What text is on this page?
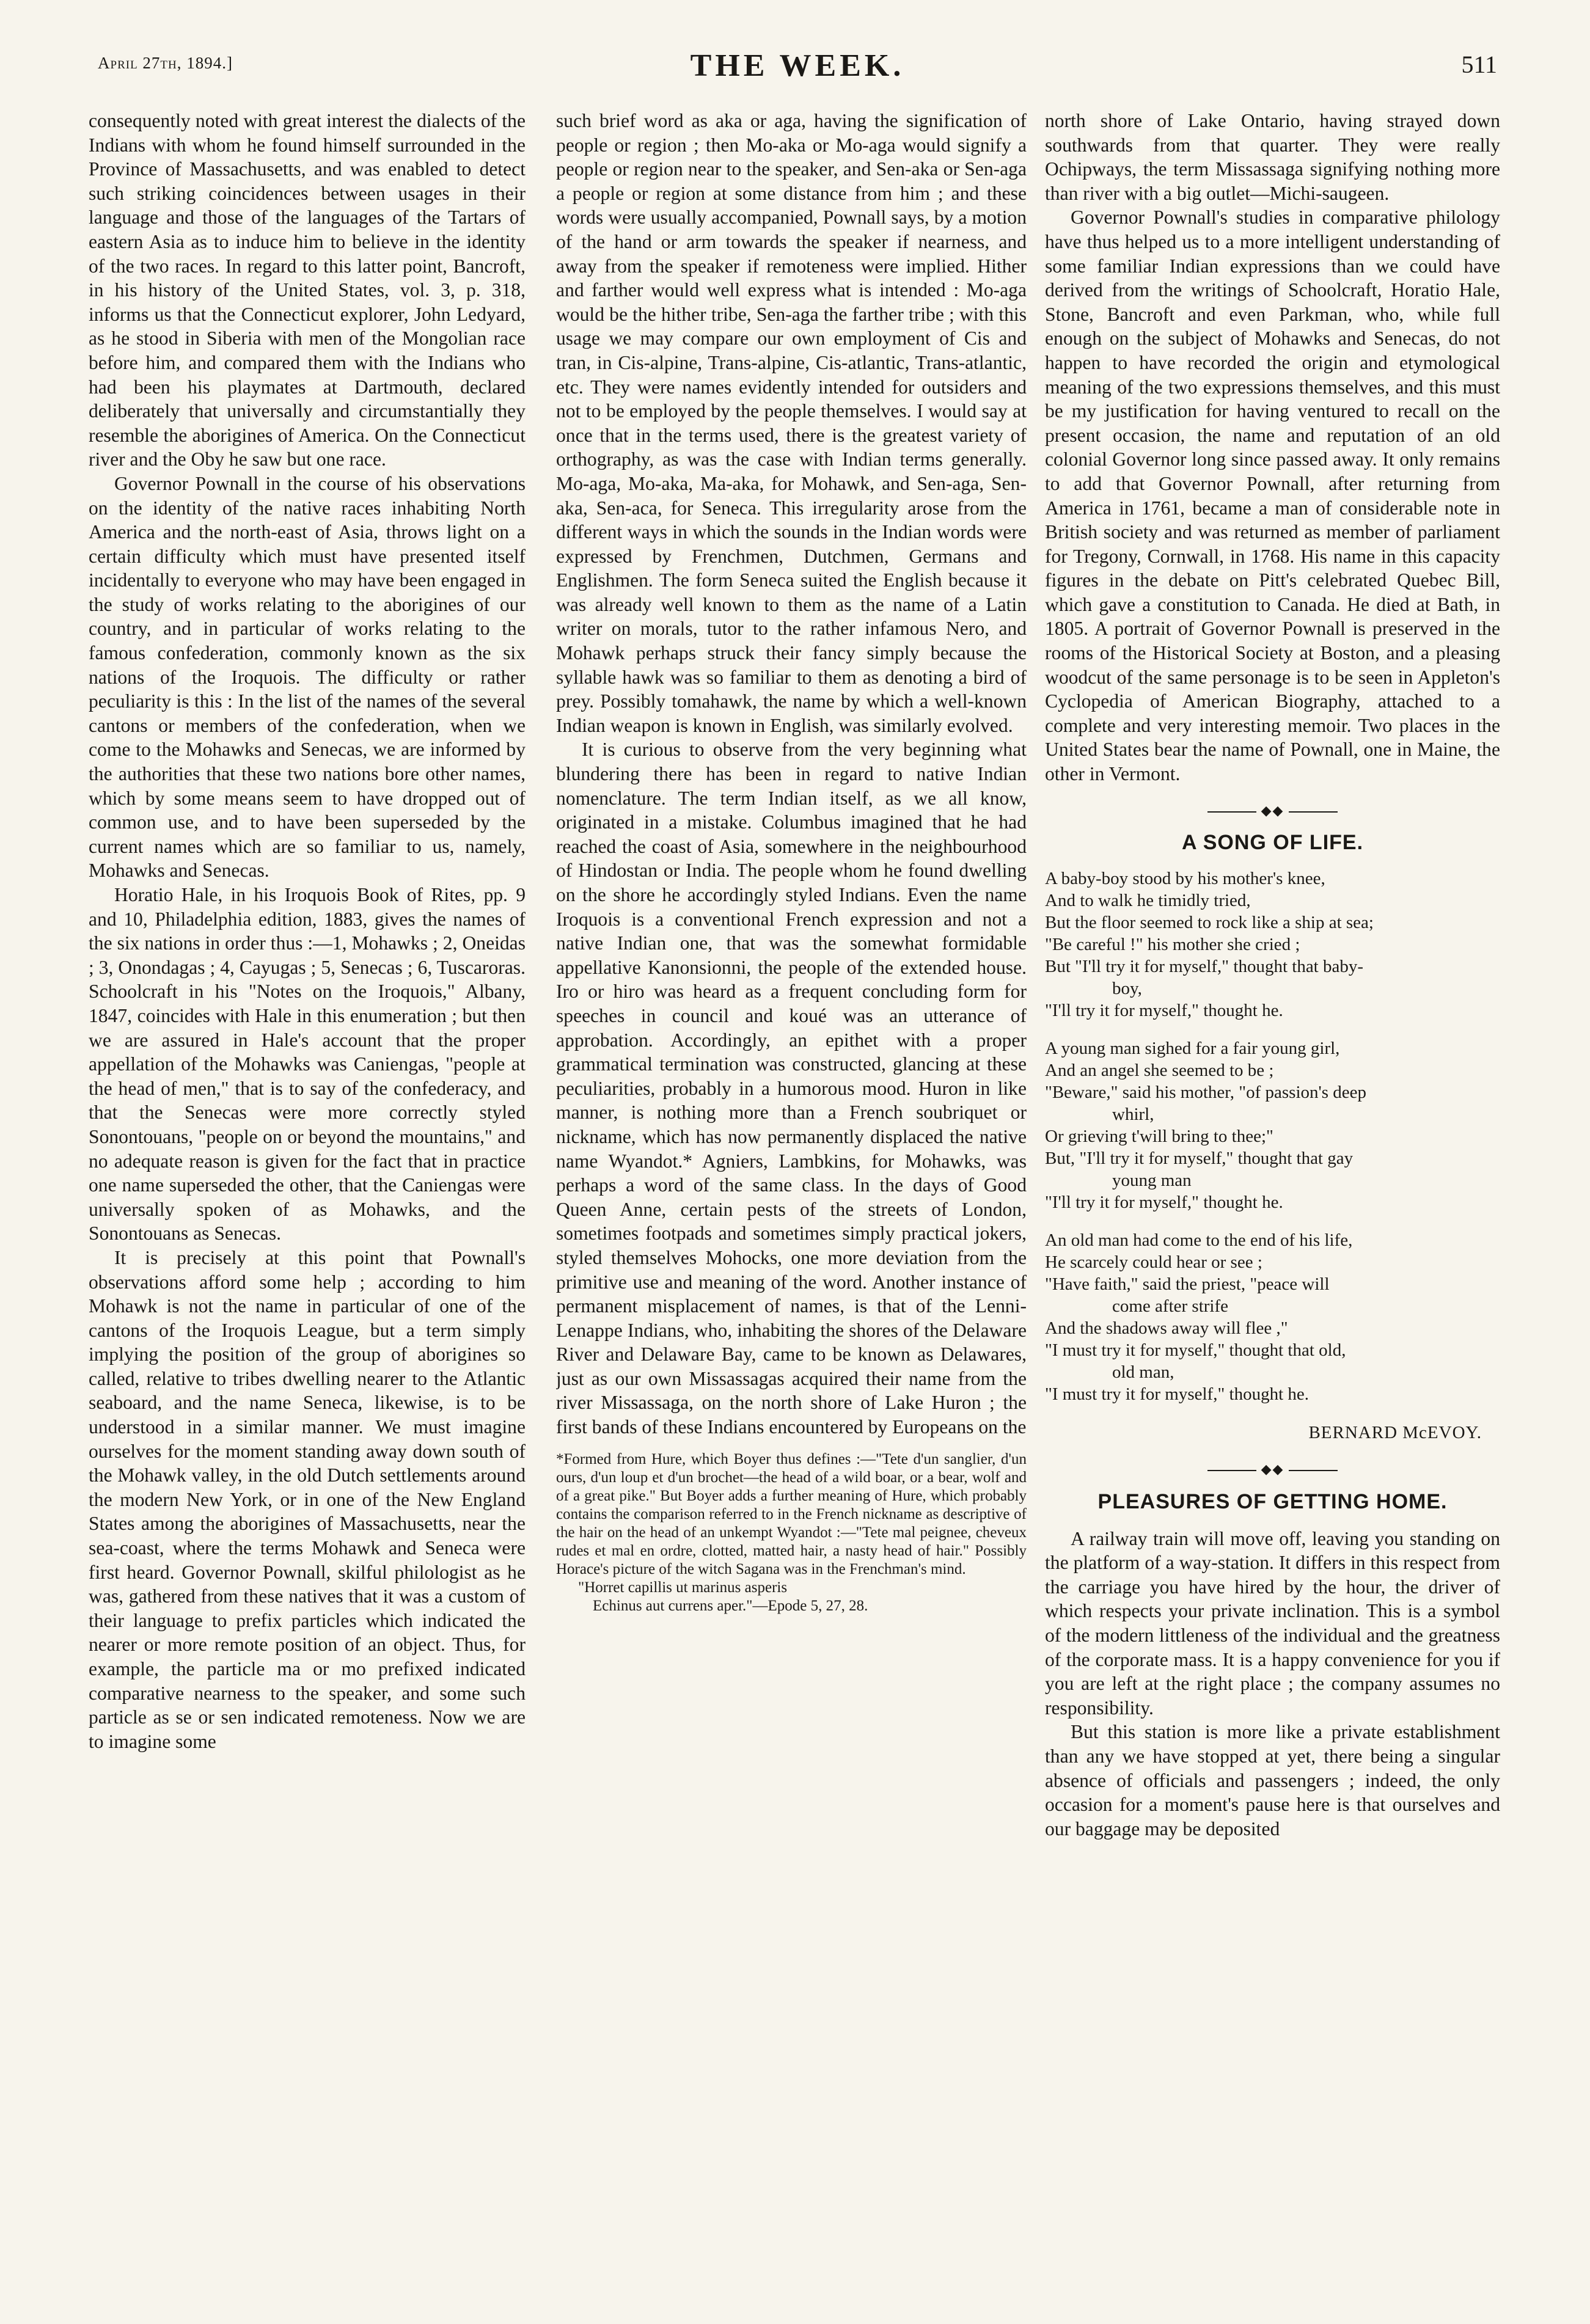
April 27th, 1894.]	THE WEEK.	511

consequently noted with great interest the dialects of the Indians with whom he found himself surrounded in the Province of Massachusetts, and was enabled to detect such striking coincidences between usages in their language and those of the languages of the Tartars of eastern Asia as to induce him to believe in the identity of the two races. In regard to this latter point, Bancroft, in his history of the United States, vol. 3, p. 318, informs us that the Connecticut explorer, John Ledyard, as he stood in Siberia with men of the Mongolian race before him, and compared them with the Indians who had been his playmates at Dartmouth, declared deliberately that universally and circumstantially they resemble the aborigines of America. On the Connecticut river and the Oby he saw but one race.

Governor Pownall in the course of his observations on the identity of the native races inhabiting North America and the north-east of Asia, throws light on a certain difficulty which must have presented itself incidentally to everyone who may have been engaged in the study of works relating to the aborigines of our country, and in particular of works relating to the famous confederation, commonly known as the six nations of the Iroquois. The difficulty or rather peculiarity is this : In the list of the names of the several cantons or members of the confederation, when we come to the Mohawks and Senecas, we are informed by the authorities that these two nations bore other names, which by some means seem to have dropped out of common use, and to have been superseded by the current names which are so familiar to us, namely, Mohawks and Senecas.

Horatio Hale, in his Iroquois Book of Rites, pp. 9 and 10, Philadelphia edition, 1883, gives the names of the six nations in order thus :—1, Mohawks ; 2, Oneidas ; 3, Onondagas ; 4, Cayugas ; 5, Senecas ; 6, Tuscaroras. Schoolcraft in his "Notes on the Iroquois," Albany, 1847, coincides with Hale in this enumeration ; but then we are assured in Hale's account that the proper appellation of the Mohawks was Caniengas, "people at the head of men," that is to say of the confederacy, and that the Senecas were more correctly styled Sonontouans, "people on or beyond the mountains," and no adequate reason is given for the fact that in practice one name superseded the other, that the Caniengas were universally spoken of as Mohawks, and the Sonontouans as Senecas.

It is precisely at this point that Pownall's observations afford some help ; according to him Mohawk is not the name in particular of one of the cantons of the Iroquois League, but a term simply implying the position of the group of aborigines so called, relative to tribes dwelling nearer to the Atlantic seaboard, and the name Seneca, likewise, is to be understood in a similar manner. We must imagine ourselves for the moment standing away down south of the Mohawk valley, in the old Dutch settlements around the modern New York, or in one of the New England States among the aborigines of Massachusetts, near the sea-coast, where the terms Mohawk and Seneca were first heard. Governor Pownall, skilful philologist as he was, gathered from these natives that it was a custom of their language to prefix particles which indicated the nearer or more remote position of an object. Thus, for example, the particle ma or mo prefixed indicated comparative nearness to the speaker, and some such particle as se or sen indicated remoteness. Now we are to imagine some

such brief word as aka or aga, having the signification of people or region ; then Mo-aka or Mo-aga would signify a people or region near to the speaker, and Sen-aka or Sen-aga a people or region at some distance from him ; and these words were usually accompanied, Pownall says, by a motion of the hand or arm towards the speaker if nearness, and away from the speaker if remoteness were implied. Hither and farther would well express what is intended : Mo-aga would be the hither tribe, Sen-aga the farther tribe ; with this usage we may compare our own employment of Cis and tran, in Cis-alpine, Trans-alpine, Cis-atlantic, Trans-atlantic, etc. They were names evidently intended for outsiders and not to be employed by the people themselves. I would say at once that in the terms used, there is the greatest variety of orthography, as was the case with Indian terms generally. Mo-aga, Mo-aka, Ma-aka, for Mohawk, and Sen-aga, Sen-aka, Sen-aca, for Seneca. This irregularity arose from the different ways in which the sounds in the Indian words were expressed by Frenchmen, Dutchmen, Germans and Englishmen. The form Seneca suited the English because it was already well known to them as the name of a Latin writer on morals, tutor to the rather infamous Nero, and Mohawk perhaps struck their fancy simply because the syllable hawk was so familiar to them as denoting a bird of prey. Possibly tomahawk, the name by which a well-known Indian weapon is known in English, was similarly evolved.

It is curious to observe from the very beginning what blundering there has been in regard to native Indian nomenclature. The term Indian itself, as we all know, originated in a mistake. Columbus imagined that he had reached the coast of Asia, somewhere in the neighbourhood of Hindostan or India. The people whom he found dwelling on the shore he accordingly styled Indians. Even the name Iroquois is a conventional French expression and not a native Indian one, that was the somewhat formidable appellative Kanonsionni, the people of the extended house. Iro or hiro was heard as a frequent concluding form for speeches in council and koué was an utterance of approbation. Accordingly, an epithet with a proper grammatical termination was constructed, glancing at these peculiarities, probably in a humorous mood. Huron in like manner, is nothing more than a French soubriquet or nickname, which has now permanently displaced the native name Wyandot.* Agniers, Lambkins, for Mohawks, was perhaps a word of the same class. In the days of Good Queen Anne, certain pests of the streets of London, sometimes footpads and sometimes simply practical jokers, styled themselves Mohocks, one more deviation from the primitive use and meaning of the word. Another instance of permanent misplacement of names, is that of the Lenni-Lenappe Indians, who, inhabiting the shores of the Delaware River and Delaware Bay, came to be known as Delawares, just as our own Missassagas acquired their name from the river Missassaga, on the north shore of Lake Huron ; the first bands of these Indians encountered by Europeans on the

*Formed from Hure, which Boyer thus defines :—"Tete d'un sanglier, d'un ours, d'un loup et d'un brochet—the head of a wild boar, or a bear, wolf and of a great pike." But Boyer adds a further meaning of Hure, which probably contains the comparison referred to in the French nickname as descriptive of the hair on the head of an unkempt Wyandot :—"Tete mal peignee, cheveux rudes et mal en ordre, clotted, matted hair, a nasty head of hair." Possibly Horace's picture of the witch Sagana was in the Frenchman's mind.
"Horret capillis ut marinus asperis
Echinus aut currens aper."—Epode 5, 27, 28.

north shore of Lake Ontario, having strayed down southwards from that quarter. They were really Ochipways, the term Missassaga signifying nothing more than river with a big outlet—Michi-saugeen.

Governor Pownall's studies in comparative philology have thus helped us to a more intelligent understanding of some familiar Indian expressions than we could have derived from the writings of Schoolcraft, Horatio Hale, Stone, Bancroft and even Parkman, who, while full enough on the subject of Mohawks and Senecas, do not happen to have recorded the origin and etymological meaning of the two expressions themselves, and this must be my justification for having ventured to recall on the present occasion, the name and reputation of an old colonial Governor long since passed away. It only remains to add that Governor Pownall, after returning from America in 1761, became a man of considerable note in British society and was returned as member of parliament for Tregony, Cornwall, in 1768. His name in this capacity figures in the debate on Pitt's celebrated Quebec Bill, which gave a constitution to Canada. He died at Bath, in 1805. A portrait of Governor Pownall is preserved in the rooms of the Historical Society at Boston, and a pleasing woodcut of the same personage is to be seen in Appleton's Cyclopedia of American Biography, attached to a complete and very interesting memoir. Two places in the United States bear the name of Pownall, one in Maine, the other in Vermont.

◆◆
A SONG OF LIFE.
A baby-boy stood by his mother's knee,
And to walk he timidly tried,
But the floor seemed to rock like a ship at sea;
"Be careful !" his mother she cried ;
But "I'll try it for myself," thought that baby-
boy,
"I'll try it for myself," thought he.
A young man sighed for a fair young girl,
And an angel she seemed to be ;
"Beware," said his mother, "of passion's deep
whirl,
Or grieving t'will bring to thee;"
But, "I'll try it for myself," thought that gay
young man
"I'll try it for myself," thought he.
An old man had come to the end of his life,
He scarcely could hear or see ;
"Have faith," said the priest, "peace will
come after strife
And the shadows away will flee ,"
"I must try it for myself," thought that old,
old man,
"I must try it for myself," thought he.
BERNARD McEVOY.
◆◆
PLEASURES OF GETTING HOME.

A railway train will move off, leaving you standing on the platform of a way-station. It differs in this respect from the carriage you have hired by the hour, the driver of which respects your private inclination. This is a symbol of the modern littleness of the individual and the greatness of the corporate mass. It is a happy convenience for you if you are left at the right place ; the company assumes no responsibility.

But this station is more like a private establishment than any we have stopped at yet, there being a singular absence of officials and passengers ; indeed, the only occasion for a moment's pause here is that ourselves and our baggage may be deposited
